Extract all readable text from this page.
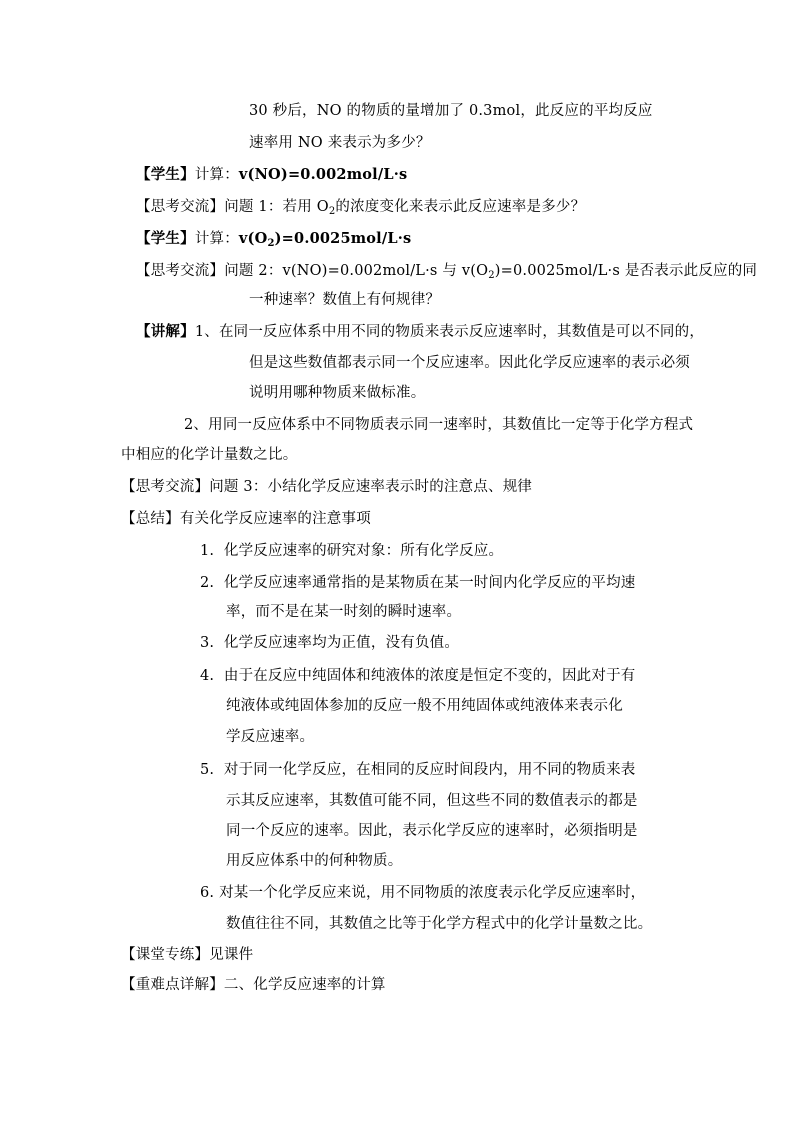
30 秒后，NO 的物质的量增加了 0.3mol，此反应的平均反应
速率用 NO 来表示为多少？
【学生】计算：v(NO)=0.002mol/L·s
【思考交流】问题 1：若用 $O_2$的浓度变化来表示此反应速率是多少？
【学生】计算：$v(O_2)=0.0025mol/L\cdot s$
【思考交流】问题 2：v(NO)=0.002mol/L·s 与 $v(O_2)=0.0025mol/L\cdot s$ 是否表示此反应的同
一种速率？数值上有何规律？
【讲解】1、在同一反应体系中用不同的物质来表示反应速率时，其数值是可以不同的，
但是这些数值都表示同一个反应速率。因此化学反应速率的表示必须
说明用哪种物质来做标准。
2、用同一反应体系中不同物质表示同一速率时，其数值比一定等于化学方程式
中相应的化学计量数之比。
【思考交流】问题 3：小结化学反应速率表示时的注意点、规律
【总结】有关化学反应速率的注意事项
1. 化学反应速率的研究对象：所有化学反应。
2. 化学反应速率通常指的是某物质在某一时间内化学反应的平均速
率，而不是在某一时刻的瞬时速率。
3. 化学反应速率均为正值，没有负值。
4. 由于在反应中纯固体和纯液体的浓度是恒定不变的，因此对于有
纯液体或纯固体参加的反应一般不用纯固体或纯液体来表示化
学反应速率。
5. 对于同一化学反应，在相同的反应时间段内，用不同的物质来表
示其反应速率，其数值可能不同，但这些不同的数值表示的都是
同一个反应的速率。因此，表示化学反应的速率时，必须指明是
用反应体系中的何种物质。
6. 对某一个化学反应来说，用不同物质的浓度表示化学反应速率时，
数值往往不同，其数值之比等于化学方程式中的化学计量数之比。
【课堂专练】见课件
【重难点详解】二、化学反应速率的计算
